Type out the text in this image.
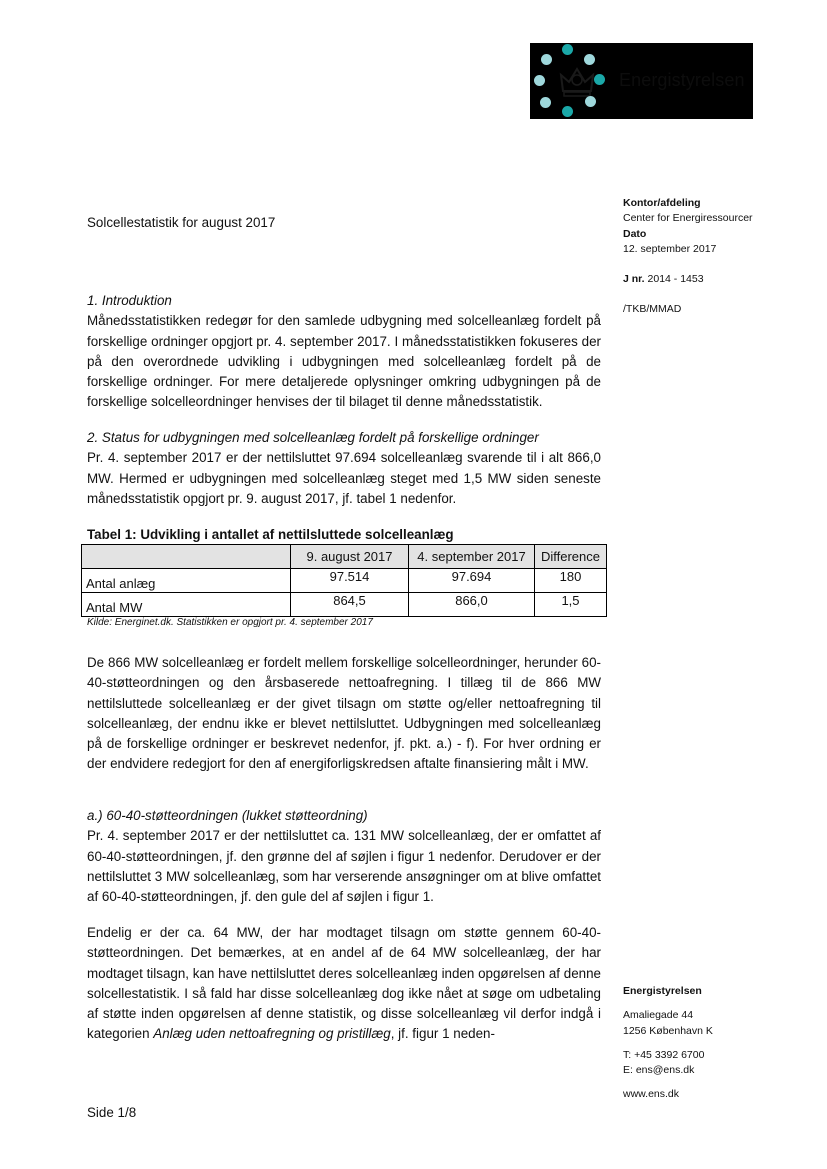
Energistyrelsen
Kontor/afdeling
Center for Energiressourcer
Dato
12. september 2017
J nr. 2014 - 1453
/TKB/MMAD
Energistyrelsen
Amaliegade 44
1256 København K
T: +45 3392 6700
E: ens@ens.dk
www.ens.dk
Solcellestatistik for august 2017
1. Introduktion

Månedsstatistikken redegør for den samlede udbygning med solcelleanlæg fordelt på forskellige ordninger opgjort pr. 4. september 2017. I månedsstatistikken fokuseres der på den overordnede udvikling i udbygningen med solcelleanlæg fordelt på de forskellige ordninger. For mere detaljerede oplysninger omkring udbygningen på de forskellige solcelleordninger henvises der til bilaget til denne månedsstatistik.

2. Status for udbygningen med solcelleanlæg fordelt på forskellige ordninger

Pr. 4. september 2017 er der nettilsluttet 97.694 solcelleanlæg svarende til i alt 866,0 MW. Hermed er udbygningen med solcelleanlæg steget med 1,5 MW siden seneste månedsstatistik opgjort pr. 9. august 2017, jf. tabel 1 nedenfor.

Tabel 1: Udvikling i antallet af nettilsluttede solcelleanlæg
	9. august 2017	4. september 2017	Difference
Antal anlæg	97.514	97.694	180
Antal MW	864,5	866,0	1,5
Kilde: Energinet.dk. Statistikken er opgjort pr. 4. september 2017

De 866 MW solcelleanlæg er fordelt mellem forskellige solcelleordninger, herunder 60-40-støtteordningen og den årsbaserede nettoafregning. I tillæg til de 866 MW nettilsluttede solcelleanlæg er der givet tilsagn om støtte og/eller nettoafregning til solcelleanlæg, der endnu ikke er blevet nettilsluttet. Udbygningen med solcelleanlæg på de forskellige ordninger er beskrevet nedenfor, jf. pkt. a.) - f). For hver ordning er der endvidere redegjort for den af energiforligskredsen aftalte finansiering målt i MW.

a.) 60-40-støtteordningen (lukket støtteordning)

Pr. 4. september 2017 er der nettilsluttet ca. 131 MW solcelleanlæg, der er omfattet af 60-40-støtteordningen, jf. den grønne del af søjlen i figur 1 nedenfor. Derudover er der nettilsluttet 3 MW solcelleanlæg, som har verserende ansøgninger om at blive omfattet af 60-40-støtteordningen, jf. den gule del af søjlen i figur 1.

Endelig er der ca. 64 MW, der har modtaget tilsagn om støtte gennem 60-40-støtteordningen. Det bemærkes, at en andel af de 64 MW solcelleanlæg, der har modtaget tilsagn, kan have nettilsluttet deres solcelleanlæg inden opgørelsen af denne solcellestatistik. I så fald har disse solcelleanlæg dog ikke nået at søge om udbetaling af støtte inden opgørelsen af denne statistik, og disse solcelleanlæg vil derfor indgå i kategorien Anlæg uden nettoafregning og pristillæg, jf. figur 1 neden-

Side 1/8
